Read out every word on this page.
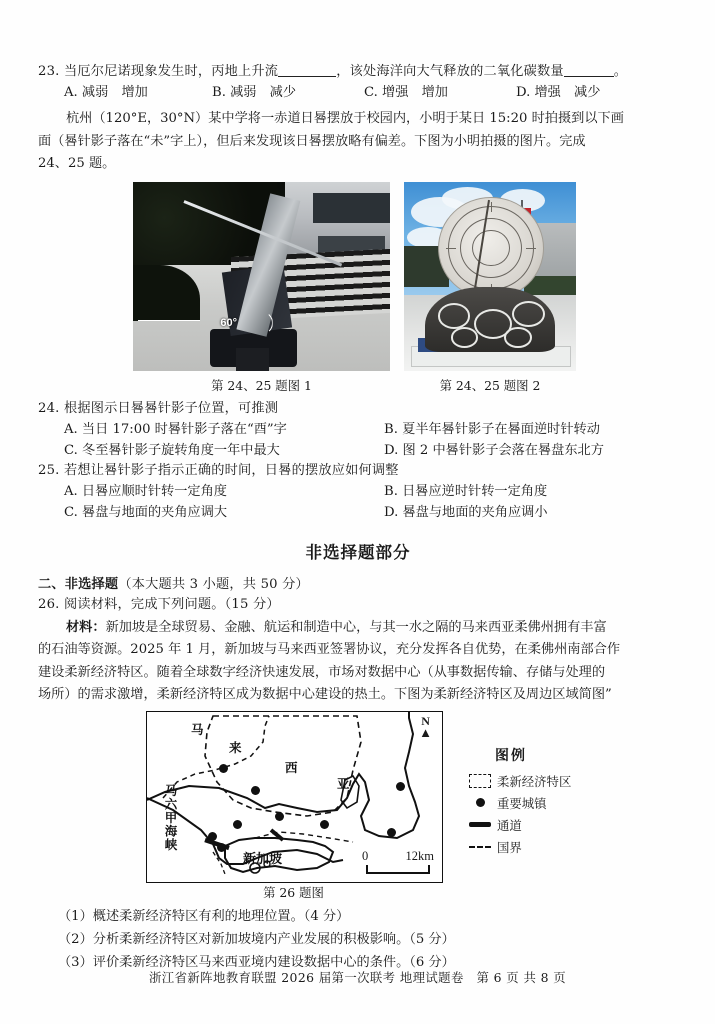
23. 当厄尔尼诺现象发生时，丙地上升流	，该处海洋向大气释放的二氧化碳数量	。
A. 减弱　增加	B. 减弱　减少	C. 增强　增加	D. 增强　减少
杭州（120°E，30°N）某中学将一赤道日晷摆放于校园内，小明于某日 15:20 时拍摄到以下画
面（晷针影子落在“未”字上），但后来发现该日晷摆放略有偏差。下图为小明拍摄的图片。完成
24、25 题。
60°
第 24、25 题图 1	第 24、25 题图 2
24. 根据图示日晷晷针影子位置，可推测
A. 当日 17:00 时晷针影子落在“酉”字	B. 夏半年晷针影子在晷面逆时针转动
C. 冬至晷针影子旋转角度一年中最大	D. 图 2 中晷针影子会落在晷盘东北方
25. 若想让晷针影子指示正确的时间，日晷的摆放应如何调整
A. 日晷应顺时针转一定角度	B. 日晷应逆时针转一定角度
C. 晷盘与地面的夹角应调大	D. 晷盘与地面的夹角应调小
非选择题部分
二、非选择题（本大题共 3 小题，共 50 分）
26. 阅读材料，完成下列问题。（15 分）
材料：新加坡是全球贸易、金融、航运和制造中心，与其一水之隔的马来西亚柔佛州拥有丰富
的石油等资源。2025 年 1 月，新加坡与马来西亚签署协议，充分发挥各自优势，在柔佛州南部合作
建设柔新经济特区。随着全球数字经济快速发展，市场对数据中心（从事数据传输、存储与处理的
场所）的需求激增，柔新经济特区成为数据中心建设的热土。下图为柔新经济特区及周边区域简图”
马
来
西
亚
马六甲海峡
新加坡
N
▲
0	12km
图例
柔新经济特区
重要城镇
通道
国界
第 26 题图
（1）概述柔新经济特区有利的地理位置。（4 分）
（2）分析柔新经济特区对新加坡境内产业发展的积极影响。（5 分）
（3）评价柔新经济特区马来西亚境内建设数据中心的条件。（6 分）
浙江省新阵地教育联盟 2026 届第一次联考 地理试题卷　第 6 页 共 8 页
